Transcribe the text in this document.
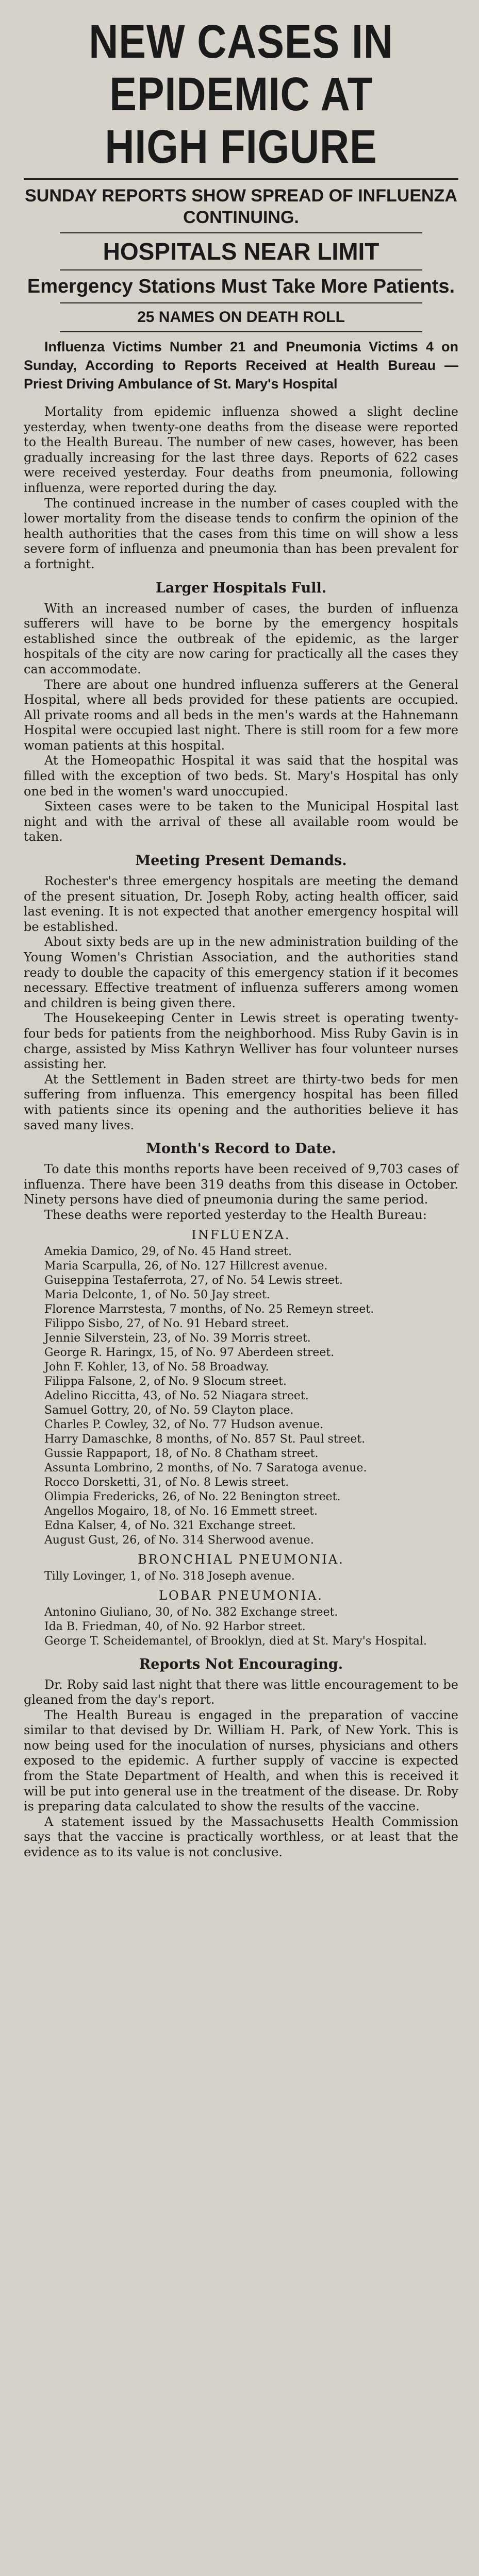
NEW CASES IN
EPIDEMIC AT
HIGH FIGURE
SUNDAY REPORTS SHOW SPREAD OF INFLUENZA CONTINUING.
HOSPITALS NEAR LIMIT
Emergency Stations Must Take More Patients.
25 NAMES ON DEATH ROLL

Influenza Victims Number 21 and Pneumonia Victims 4 on Sunday, According to Reports Received at Health Bureau — Priest Driving Ambulance of St. Mary's Hospital

Mortality from epidemic influenza showed a slight decline yesterday, when twenty-one deaths from the disease were reported to the Health Bureau. The number of new cases, however, has been gradually increasing for the last three days. Reports of 622 cases were received yesterday. Four deaths from pneumonia, following influenza, were reported during the day.

The continued increase in the number of cases coupled with the lower mortality from the disease tends to confirm the opinion of the health authorities that the cases from this time on will show a less severe form of influenza and pneumonia than has been prevalent for a fortnight.

Larger Hospitals Full.

With an increased number of cases, the burden of influenza sufferers will have to be borne by the emergency hospitals established since the outbreak of the epidemic, as the larger hospitals of the city are now caring for practically all the cases they can accommodate.

There are about one hundred influenza sufferers at the General Hospital, where all beds provided for these patients are occupied. All private rooms and all beds in the men's wards at the Hahnemann Hospital were occupied last night. There is still room for a few more woman patients at this hospital.

At the Homeopathic Hospital it was said that the hospital was filled with the exception of two beds. St. Mary's Hospital has only one bed in the women's ward unoccupied.

Sixteen cases were to be taken to the Municipal Hospital last night and with the arrival of these all available room would be taken.

Meeting Present Demands.

Rochester's three emergency hospitals are meeting the demand of the present situation, Dr. Joseph Roby, acting health officer, said last evening. It is not expected that another emergency hospital will be established.

About sixty beds are up in the new administration building of the Young Women's Christian Association, and the authorities stand ready to double the capacity of this emergency station if it becomes necessary. Effective treatment of influenza sufferers among women and children is being given there.

The Housekeeping Center in Lewis street is operating twenty-four beds for patients from the neighborhood. Miss Ruby Gavin is in charge, assisted by Miss Kathryn Welliver has four volunteer nurses assisting her.

At the Settlement in Baden street are thirty-two beds for men suffering from influenza. This emergency hospital has been filled with patients since its opening and the authorities believe it has saved many lives.

Month's Record to Date.

To date this months reports have been received of 9,703 cases of influenza. There have been 319 deaths from this disease in October. Ninety persons have died of pneumonia during the same period.

These deaths were reported yesterday to the Health Bureau:

INFLUENZA.

Amekia Damico, 29, of No. 45 Hand street.

Maria Scarpulla, 26, of No. 127 Hillcrest avenue.

Guiseppina Testaferrota, 27, of No. 54 Lewis street.

Maria Delconte, 1, of No. 50 Jay street.

Florence Marrstesta, 7 months, of No. 25 Remeyn street.

Filippo Sisbo, 27, of No. 91 Hebard street.

Jennie Silverstein, 23, of No. 39 Morris street.

George R. Haringx, 15, of No. 97 Aberdeen street.

John F. Kohler, 13, of No. 58 Broadway.

Filippa Falsone, 2, of No. 9 Slocum street.

Adelino Riccitta, 43, of No. 52 Niagara street.

Samuel Gottry, 20, of No. 59 Clayton place.

Charles P. Cowley, 32, of No. 77 Hudson avenue.

Harry Damaschke, 8 months, of No. 857 St. Paul street.

Gussie Rappaport, 18, of No. 8 Chatham street.

Assunta Lombrino, 2 months, of No. 7 Saratoga avenue.

Rocco Dorsketti, 31, of No. 8 Lewis street.

Olimpia Fredericks, 26, of No. 22 Benington street.

Angellos Mogairo, 18, of No. 16 Emmett street.

Edna Kalser, 4, of No. 321 Exchange street.

August Gust, 26, of No. 314 Sherwood avenue.

BRONCHIAL PNEUMONIA.

Tilly Lovinger, 1, of No. 318 Joseph avenue.

LOBAR PNEUMONIA.

Antonino Giuliano, 30, of No. 382 Exchange street.

Ida B. Friedman, 40, of No. 92 Harbor street.

George T. Scheidemantel, of Brooklyn, died at St. Mary's Hospital.

Reports Not Encouraging.

Dr. Roby said last night that there was little encouragement to be gleaned from the day's report.

The Health Bureau is engaged in the preparation of vaccine similar to that devised by Dr. William H. Park, of New York. This is now being used for the inoculation of nurses, physicians and others exposed to the epidemic. A further supply of vaccine is expected from the State Department of Health, and when this is received it will be put into general use in the treatment of the disease. Dr. Roby is preparing data calculated to show the results of the vaccine.

A statement issued by the Massachusetts Health Commission says that the vaccine is practically worthless, or at least that the evidence as to its value is not conclusive.
